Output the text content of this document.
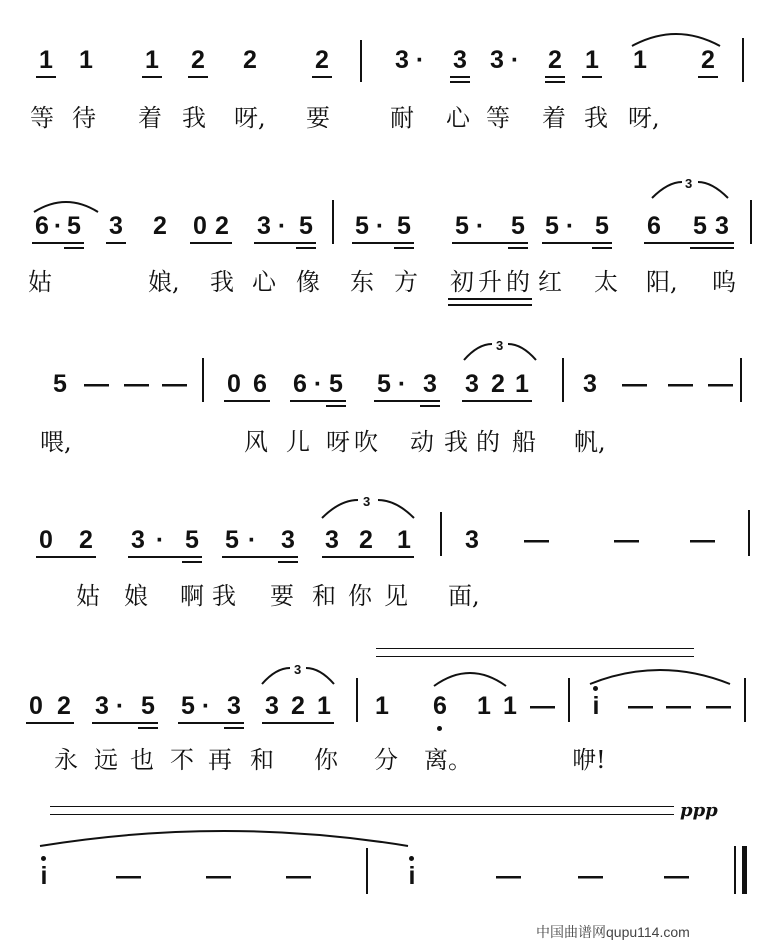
1 1 1 2 2 2	3 · 3 3 · 2 1 1 2
等 待 着 我 呀, 要	耐 心 等 着 我 呀,
6 · 5 3 2 0 2 3 · 5 5 · 5 5 · 5 5 · 5 6 5 3
3
姑	娘, 我 心 像 东 方 初 升 的 红 太 阳, 呜
5 — — — 0 6 6 · 5 5 · 3 3 2 1 3 — — —
3
喂,	风 儿 呀 吹 动 我 的 船 帆,
0 2 3 · 5 5 · 3 3 2 1 3 —	— —
3
姑 娘 啊 我 要 和 你 见 面,
0 2 3 · 5 5 · 3 3 2 1 1 6 1 1 — i — — —
3
永 远 也 不 再 和 你 分 离。	咿!
ppp
i	—	— —	i	— — —
中国曲谱网qupu114.com
